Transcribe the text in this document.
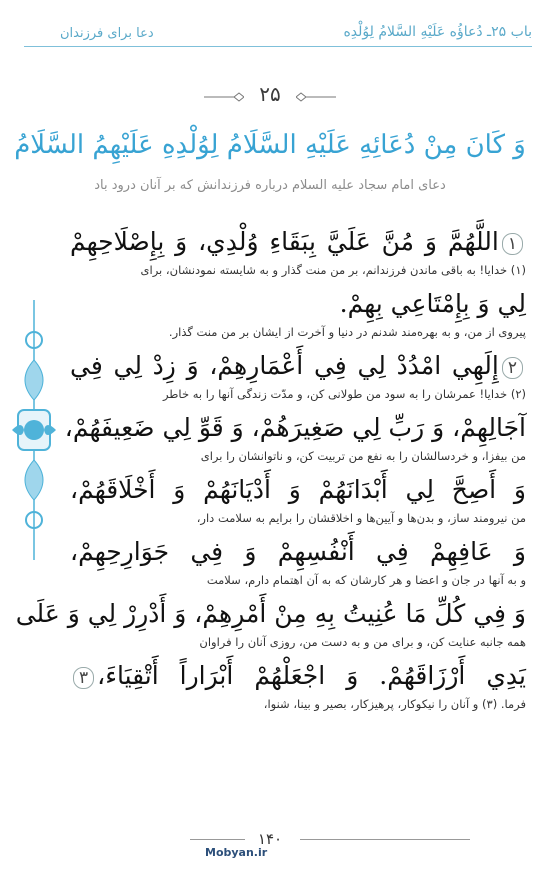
دعا برای فرزندان	باب ۲۵ـ دُعاؤُه عَلَیْهِ السَّلامُ لِوُلْدِه
۲۵
وَ كَانَ مِنْ دُعَائِهِ عَلَيْهِ السَّلَامُ لِوُلْدِهِ عَلَيْهِمُ السَّلَامُ
دعای امام سجاد علیه السلام درباره فرزندانش که بر آنان درود باد

۱اللَّهُمَّ وَ مُنَّ عَلَيَّ بِبَقَاءِ وُلْدِي، وَ بِإِصْلَاحِهِمْ

(۱) خدایا! به باقی ماندن فرزندانم، بر من منت گذار و به شایسته نمودنشان، برای

لِي وَ بِإِمْتَاعِي بِهِمْ.

پیروی از من، و به بهره‌مند شدنم در دنیا و آخرت از ایشان بر من منت گذار.

۲إِلَهِي امْدُدْ لِي فِي أَعْمَارِهِمْ، وَ زِدْ لِي فِي

(۲) خدایا! عمرشان را به سود من طولانی کن، و مدّت زندگی آنها را به خاطر

آجَالِهِمْ، وَ رَبِّ لِي صَغِيرَهُمْ، وَ قَوِّ لِي ضَعِيفَهُمْ،

من بیفزا، و خردسالشان را به نفع من تربیت کن، و ناتوانشان را برای

وَ أَصِحَّ لِي أَبْدَانَهُمْ وَ أَدْيَانَهُمْ وَ أَخْلَاقَهُمْ،

من نیرومند ساز، و بدن‌ها و آیین‌ها و اخلاقشان را برایم به سلامت دار،

وَ عَافِهِمْ فِي أَنْفُسِهِمْ وَ فِي جَوَارِحِهِمْ،

و به آنها در جان و اعضا و هر کارشان که به آن اهتمام دارم، سلامت

وَ فِي كُلِّ مَا عُنِيتُ بِهِ مِنْ أَمْرِهِمْ، وَ أَدْرِرْ لِي وَ عَلَى

همه جانبه عنایت کن، و برای من و به دست من، روزی آنان را فراوان

يَدِي أَرْزَاقَهُمْ. وَ اجْعَلْهُمْ أَبْرَاراً أَتْقِيَاءَ،۳

فرما. (۳) و آنان را نیکوکار، پرهیزکار، بصیر و بینا، شنوا،

۱۴۰
Mobyan.ir
